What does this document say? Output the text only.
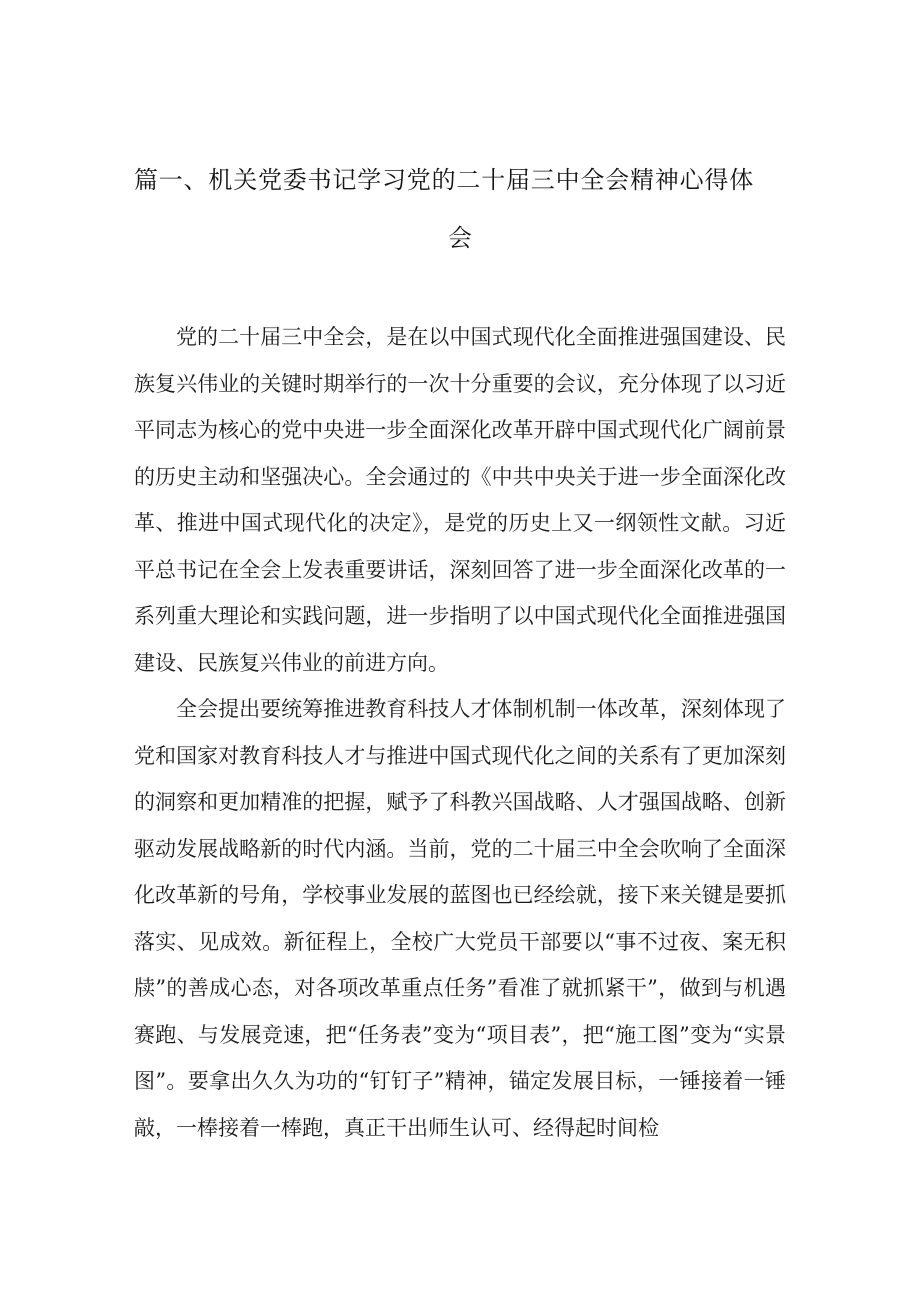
篇一、机关党委书记学习党的二十届三中全会精神心得体
会

党的二十届三中全会，是在以中国式现代化全面推进强国建设、民族复兴伟业的关键时期举行的一次十分重要的会议，充分体现了以习近平同志为核心的党中央进一步全面深化改革开辟中国式现代化广阔前景的历史主动和坚强决心。全会通过的《中共中央关于进一步全面深化改革、推进中国式现代化的决定》，是党的历史上又一纲领性文献。习近平总书记在全会上发表重要讲话，深刻回答了进一步全面深化改革的一系列重大理论和实践问题，进一步指明了以中国式现代化全面推进强国建设、民族复兴伟业的前进方向。

全会提出要统筹推进教育科技人才体制机制一体改革，深刻体现了党和国家对教育科技人才与推进中国式现代化之间的关系有了更加深刻的洞察和更加精准的把握，赋予了科教兴国战略、人才强国战略、创新驱动发展战略新的时代内涵。当前，党的二十届三中全会吹响了全面深化改革新的号角，学校事业发展的蓝图也已经绘就，接下来关键是要抓落实、见成效。新征程上，全校广大党员干部要以“事不过夜、案无积牍”的善成心态，对各项改革重点任务”看准了就抓紧干”，做到与机遇赛跑、与发展竞速，把“任务表”变为“项目表”，把“施工图”变为“实景图”。要拿出久久为功的“钉钉子”精神，锚定发展目标，一锤接着一锤敲，一棒接着一棒跑，真正干出师生认可、经得起时间检
